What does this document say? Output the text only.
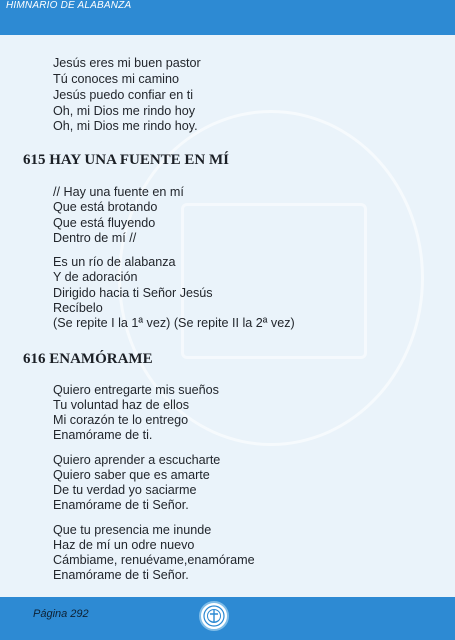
HIMNARIO DE ALABANZA
Jesús eres mi buen pastor
Tú conoces mi camino
Jesús puedo confiar en ti
Oh, mi Dios me rindo hoy
Oh, mi Dios me rindo hoy.
615 HAY UNA FUENTE EN MÍ
// Hay una fuente en mí
Que está brotando
Que está fluyendo
Dentro de mí //
Es un río de alabanza
Y de adoración
Dirigido hacia ti Señor Jesús
Recíbelo
(Se repite I la 1ª vez) (Se repite II la 2ª vez)
616 ENAMÓRAME
Quiero entregarte mis sueños
Tu voluntad haz de ellos
Mi corazón te lo entrego
Enamórame de ti.
Quiero aprender a escucharte
Quiero saber que es amarte
De tu verdad yo saciarme
Enamórame de ti Señor.
Que tu presencia me inunde
Haz de mí un odre nuevo
Cámbiame, renuévame,enamórame
Enamórame de ti Señor.
Página 292
